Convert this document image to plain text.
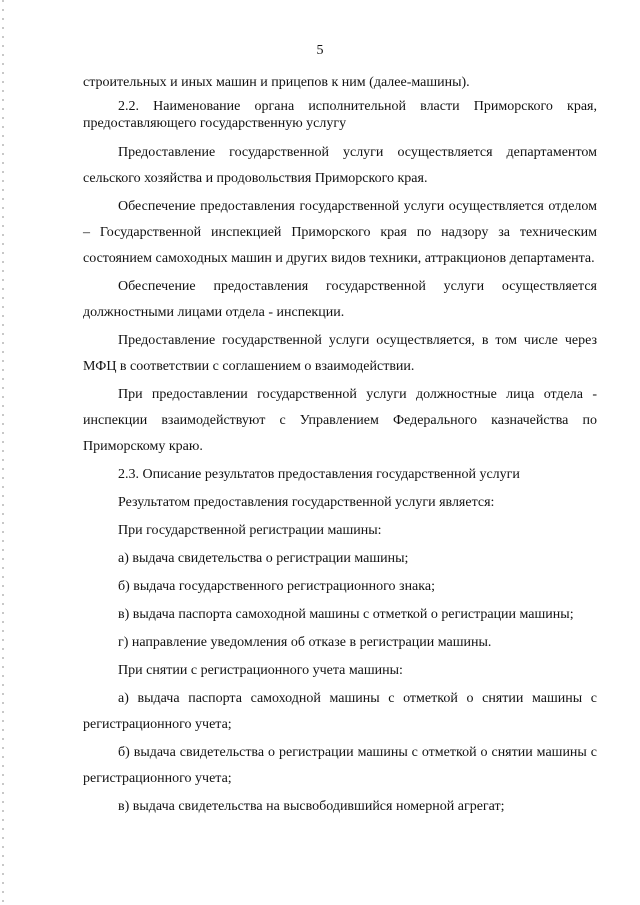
5

строительных и иных машин и прицепов к ним (далее-машины).

2.2. Наименование органа исполнительной власти Приморского края, предоставляющего государственную услугу

Предоставление государственной услуги осуществляется департаментом сельского хозяйства и продовольствия Приморского края.

Обеспечение предоставления государственной услуги осуществляется отделом – Государственной инспекцией Приморского края по надзору за техническим состоянием самоходных машин и других видов техники, аттракционов департамента.

Обеспечение предоставления государственной услуги осуществляется должностными лицами отдела - инспекции.

Предоставление государственной услуги осуществляется, в том числе через МФЦ в соответствии с соглашением о взаимодействии.

При предоставлении государственной услуги должностные лица отдела - инспекции взаимодействуют с Управлением Федерального казначейства по Приморскому краю.

2.3. Описание результатов предоставления государственной услуги

Результатом предоставления государственной услуги является:

При государственной регистрации машины:

а) выдача свидетельства о регистрации машины;

б) выдача государственного регистрационного знака;

в) выдача паспорта самоходной машины с отметкой о регистрации машины;

г) направление уведомления об отказе в регистрации машины.

При снятии с регистрационного учета машины:

а) выдача паспорта самоходной машины с отметкой о снятии машины с регистрационного учета;

б) выдача свидетельства о регистрации машины с отметкой о снятии машины с регистрационного учета;

в) выдача свидетельства на высвободившийся номерной агрегат;
